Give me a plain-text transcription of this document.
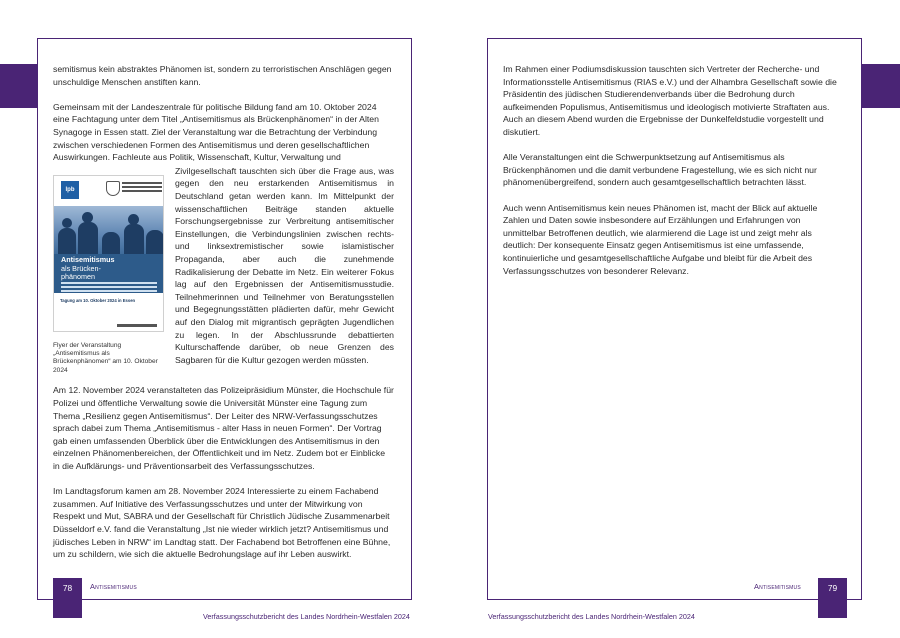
semitismus kein abstraktes Phänomen ist, sondern zu terroristischen Anschlägen gegen unschuldige Menschen anstiften kann.

Gemeinsam mit der Landeszentrale für politische Bildung fand am 10. Oktober 2024 eine Fachtagung unter dem Titel „Antisemitismus als Brückenphänomen“ in der Alten Synagoge in Essen statt. Ziel der Veranstaltung war die Betrachtung der Verbindung zwischen verschiedenen Formen des Antisemitismus und deren gesellschaftlichen Auswirkungen. Fachleute aus Politik, Wissenschaft, Kultur, Verwaltung und

Zivilgesellschaft tauschten sich über die Frage aus, was gegen den neu erstarkenden Antisemitismus in Deutschland getan werden kann. Im Mittelpunkt der wissenschaftlichen Beiträge standen aktuelle Forschungsergebnisse zur Verbreitung antisemitischer Einstellungen, die Verbindungslinien zwischen rechts- und linksextremistischer sowie islamistischer Propaganda, aber auch die zunehmende Radikalisierung der Debatte im Netz. Ein weiterer Fokus lag auf den Ergebnissen der Antisemitismusstudie. Teilnehmerinnen und Teilnehmer von Beratungsstellen und Begegnungsstätten plädierten dafür, mehr Gewicht auf den Dialog mit migrantisch geprägten Jugendlichen zu legen. In der Abschlussrunde debattierten Kulturschaffende darüber, ob neue Grenzen des Sagbaren für die Kultur gezogen werden müssten.

lpb
Antisemitismus
als Brücken-
phänomen
Tagung am 10. Oktober 2024 in Essen
Flyer der Veranstaltung „Antisemitismus als Brückenphänomen“ am 10. Oktober 2024

Am 12. November 2024 veranstalteten das Polizeipräsidium Münster, die Hochschule für Polizei und öffentliche Verwaltung sowie die Universität Münster eine Tagung zum Thema „Resilienz gegen Antisemitismus“. Der Leiter des NRW-Verfassungsschutzes sprach dabei zum Thema „Antisemitismus - alter Hass in neuen Formen“. Der Vortrag gab einen umfassenden Überblick über die Entwicklungen des Antisemitismus in den einzelnen Phänomenbereichen, der Öffentlichkeit und im Netz. Zudem bot er Einblicke in die Aufklärungs- und Präventionsarbeit des Verfassungsschutzes.

Im Landtagsforum kamen am 28. November 2024 Interessierte zu einem Fachabend zusammen. Auf Initiative des Verfassungsschutzes und unter der Mitwirkung von Respekt und Mut, SABRA und der Gesellschaft für Christlich Jüdische Zusammenarbeit Düsseldorf e.V. fand die Veranstaltung „Ist nie wieder wirklich jetzt? Antisemitismus und jüdisches Leben in NRW“ im Landtag statt. Der Fachabend bot Betroffenen eine Bühne, um zu schildern, wie sich die aktuelle Bedrohungslage auf ihr Leben auswirkt.

Im Rahmen einer Podiumsdiskussion tauschten sich Vertreter der Recherche- und Informationsstelle Antisemitismus (RIAS e.V.) und der Alhambra Gesellschaft sowie die Präsidentin des jüdischen Studierendenverbands über die Bedrohung durch aufkeimenden Populismus, Antisemitismus und ideologisch motivierte Straftaten aus. Auch an diesem Abend wurden die Ergebnisse der Dunkelfeldstudie vorgestellt und diskutiert.

Alle Veranstaltungen eint die Schwerpunktsetzung auf Antisemitismus als Brückenphänomen und die damit verbundene Fragestellung, wie es sich nicht nur phänomenübergreifend, sondern auch gesamtgesellschaftlich betrachten lässt.

Auch wenn Antisemitismus kein neues Phänomen ist, macht der Blick auf aktuelle Zahlen und Daten sowie insbesondere auf Erzählungen und Erfahrungen von unmittelbar Betroffenen deutlich, wie alarmierend die Lage ist und zeigt mehr als deutlich: Der konsequente Einsatz gegen Antisemitismus ist eine umfassende, kontinuierliche und gesamtgesellschaftliche Aufgabe und bleibt für die Arbeit des Verfassungsschutzes von besonderer Relevanz.

78	79
Antisemitismus	Antisemitismus
Verfassungsschutzbericht des Landes Nordrhein-Westfalen 2024	Verfassungsschutzbericht des Landes Nordrhein-Westfalen 2024
